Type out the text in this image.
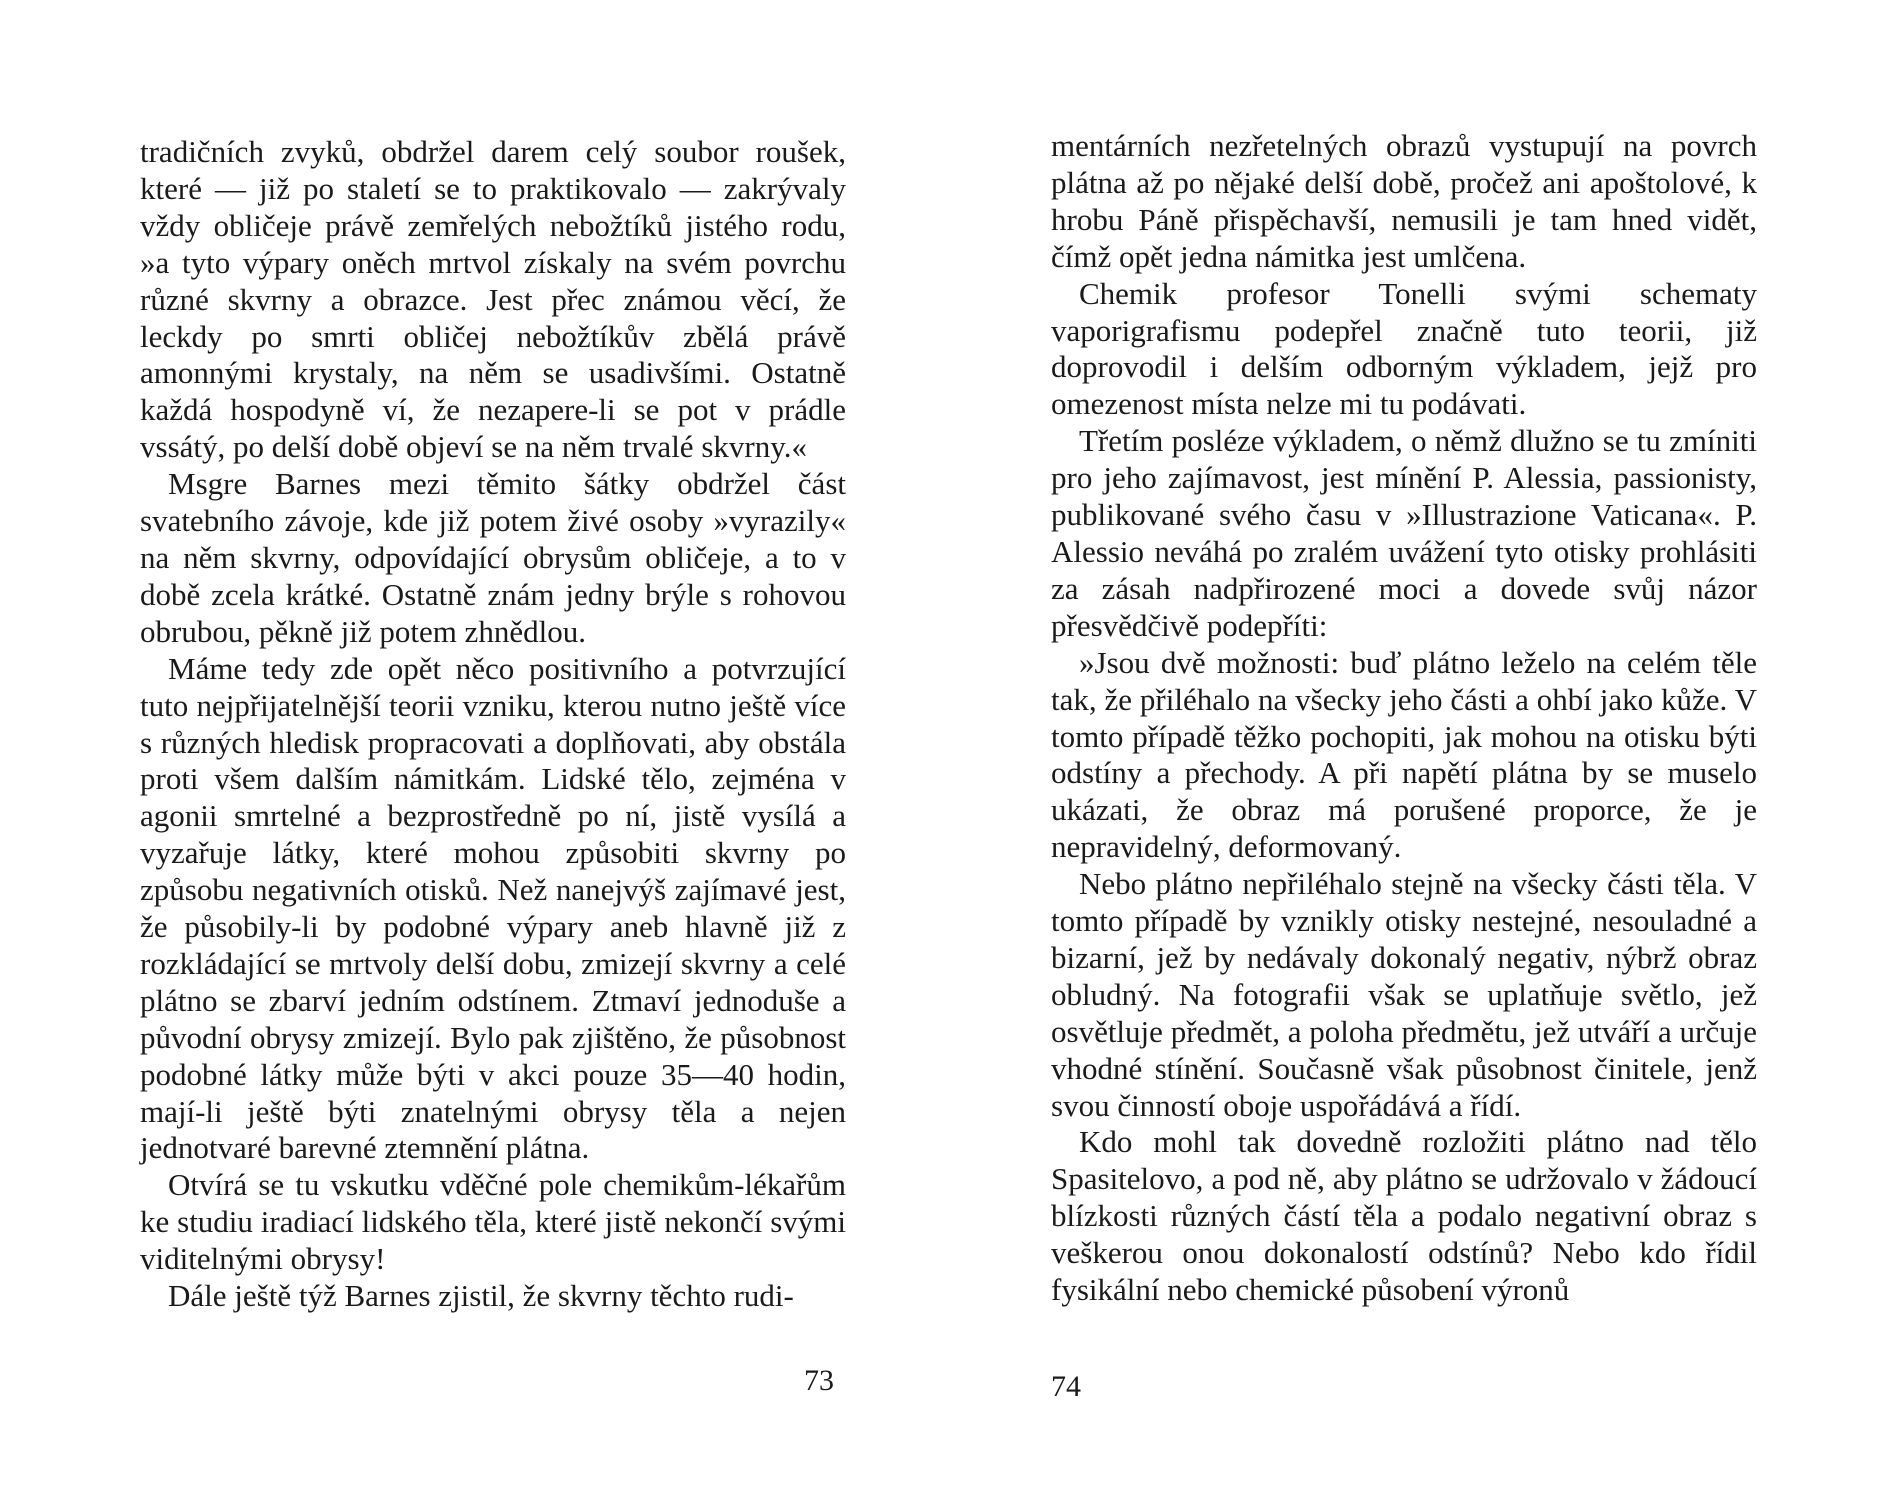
tradičních zvyků, obdržel darem celý soubor roušek, které — již po staletí se to praktikovalo — zakrývaly vždy obličeje právě zemřelých nebožtíků jistého rodu, »a tyto výpary oněch mrtvol získaly na svém povrchu různé skvrny a obrazce. Jest přec známou věcí, že leckdy po smrti obličej nebožtíkův zbělá právě amonnými krystaly, na něm se usadivšími. Ostatně každá hospodyně ví, že nezapere-li se pot v prádle vssátý, po delší době objeví se na něm trvalé skvrny.«

Msgre Barnes mezi těmito šátky obdržel část svatebního závoje, kde již potem živé osoby »vyrazily« na něm skvrny, odpovídající obrysům obličeje, a to v době zcela krátké. Ostatně znám jedny brýle s rohovou obrubou, pěkně již potem zhnědlou.

Máme tedy zde opět něco positivního a potvrzující tuto nejpřijatelnější teorii vzniku, kterou nutno ještě více s různých hledisk propracovati a doplňovati, aby obstála proti všem dalším námitkám. Lidské tělo, zejména v agonii smrtelné a bezprostředně po ní, jistě vysílá a vyzařuje látky, které mohou způsobiti skvrny po způsobu negativních otisků. Než nanejvýš zajímavé jest, že působily-li by podobné výpary aneb hlavně již z rozkládající se mrtvoly delší dobu, zmizejí skvrny a celé plátno se zbarví jedním odstínem. Ztmaví jednoduše a původní obrysy zmizejí. Bylo pak zjištěno, že působnost podobné látky může býti v akci pouze 35—40 hodin, mají-li ještě býti znatelnými obrysy těla a nejen jednotvaré barevné ztemnění plátna.

Otvírá se tu vskutku vděčné pole chemikům-lékařům ke studiu iradiací lidského těla, které jistě nekončí svými viditelnými obrysy!

Dále ještě týž Barnes zjistil, že skvrny těchto rudi-

73

mentárních nezřetelných obrazů vystupují na povrch plátna až po nějaké delší době, pročež ani apoštolové, k hrobu Páně přispěchavší, nemusili je tam hned vidět, čímž opět jedna námitka jest umlčena.

Chemik profesor Tonelli svými schematy vaporigrafismu podepřel značně tuto teorii, již doprovodil i delším odborným výkladem, jejž pro omezenost místa nelze mi tu podávati.

Třetím posléze výkladem, o němž dlužno se tu zmíniti pro jeho zajímavost, jest mínění P. Alessia, passionisty, publikované svého času v »Illustrazione Vaticana«. P. Alessio neváhá po zralém uvážení tyto otisky prohlásiti za zásah nadpřirozené moci a dovede svůj názor přesvědčivě podepříti:

»Jsou dvě možnosti: buď plátno leželo na celém těle tak, že přiléhalo na všecky jeho části a ohbí jako kůže. V tomto případě těžko pochopiti, jak mohou na otisku býti odstíny a přechody. A při napětí plátna by se muselo ukázati, že obraz má porušené proporce, že je nepravidelný, deformovaný.

Nebo plátno nepřiléhalo stejně na všecky části těla. V tomto případě by vznikly otisky nestejné, nesouladné a bizarní, jež by nedávaly dokonalý negativ, nýbrž obraz obludný. Na fotografii však se uplatňuje světlo, jež osvětluje předmět, a poloha předmětu, jež utváří a určuje vhodné stínění. Současně však působnost činitele, jenž svou činností oboje uspořádává a řídí.

Kdo mohl tak dovedně rozložiti plátno nad tělo Spasitelovo, a pod ně, aby plátno se udržovalo v žádoucí blízkosti různých částí těla a podalo negativní obraz s veškerou onou dokonalostí odstínů? Nebo kdo řídil fysikální nebo chemické působení výronů

74
